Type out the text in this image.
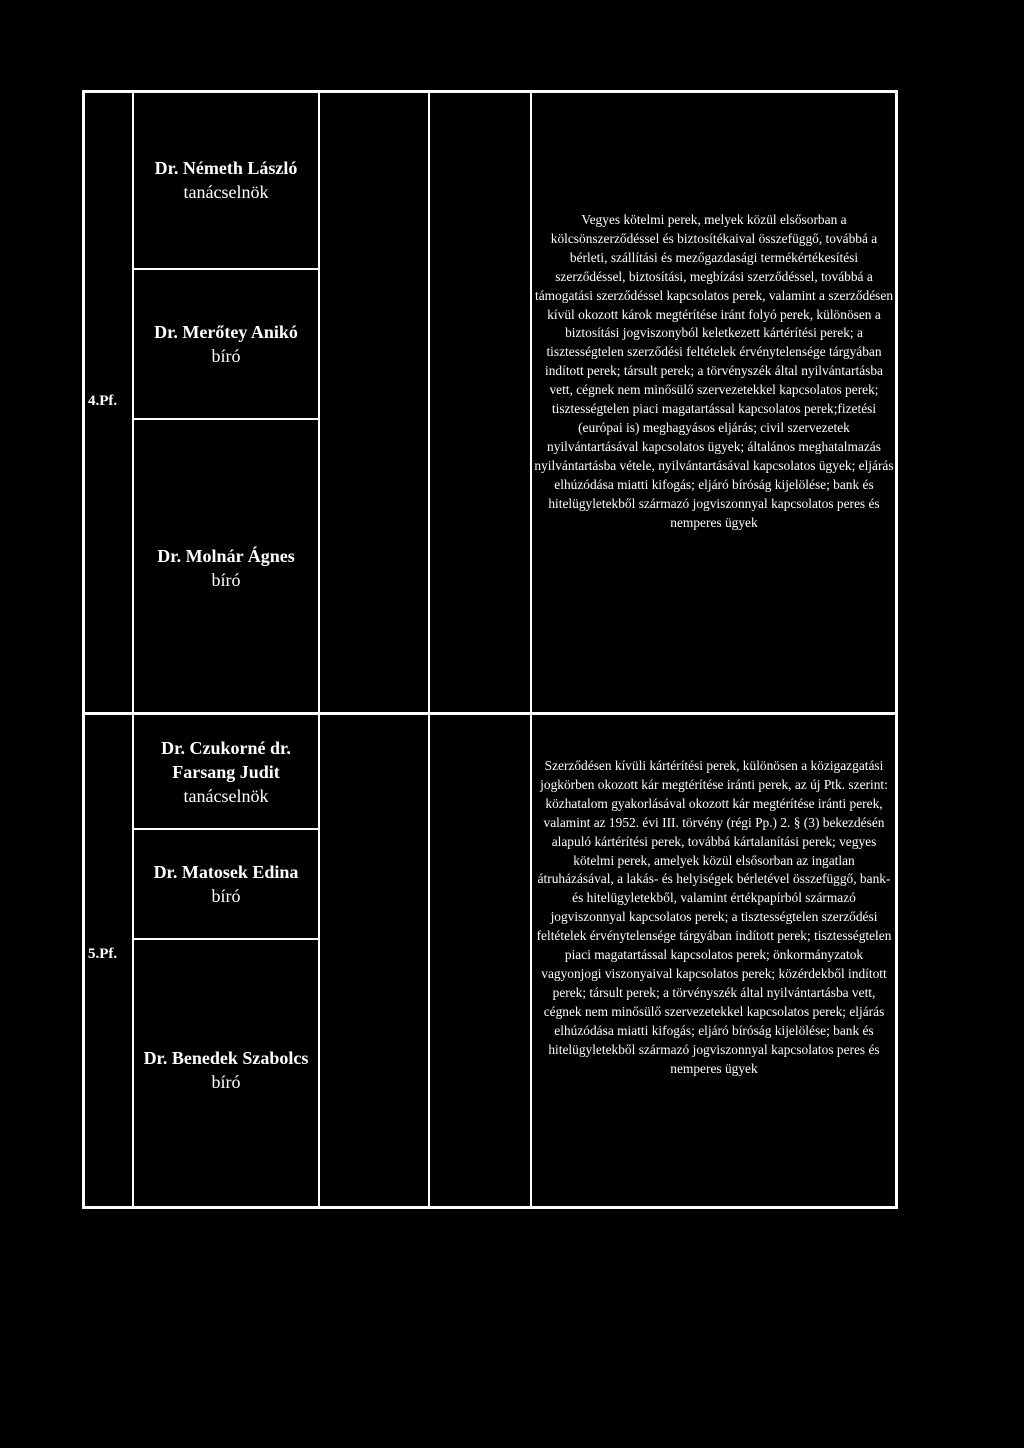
4.Pf.
Dr. Németh László
tanácselnök
Dr. Merőtey Anikó
bíró
Dr. Molnár Ágnes
bíró
Vegyes kötelmi perek, melyek közül elsősorban a kölcsönszerződéssel és biztosítékaival összefüggő, továbbá a bérleti, szállítási és mezőgazdasági termékértékesítési szerződéssel, biztosítási, megbízási szerződéssel, továbbá a támogatási szerződéssel kapcsolatos perek, valamint a szerződésen kívül okozott károk megtérítése iránt folyó perek, különösen a biztosítási jogviszonyból keletkezett kártérítési perek; a tisztességtelen szerződési feltételek érvénytelensége tárgyában indított perek; társult perek; a törvényszék által nyilvántartásba vett, cégnek nem minősülő szervezetekkel kapcsolatos perek; tisztességtelen piaci magatartással kapcsolatos perek;fizetési (európai is) meghagyásos eljárás; civil szervezetek nyilvántartásával kapcsolatos ügyek; általános meghatalmazás nyilvántartásba vétele, nyilvántartásával kapcsolatos ügyek; eljárás elhúzódása miatti kifogás; eljáró bíróság kijelölése; bank és hitelügyletekből származó jogviszonnyal kapcsolatos peres és nemperes ügyek
5.Pf.
Dr. Czukorné dr. Farsang Judit
tanácselnök
Dr. Matosek Edina
bíró
Dr. Benedek Szabolcs
bíró
Szerződésen kívüli kártérítési perek, különösen a közigazgatási jogkörben okozott kár megtérítése iránti perek, az új Ptk. szerint: közhatalom gyakorlásával okozott kár megtérítése iránti perek, valamint az 1952. évi III. törvény (régi Pp.) 2. § (3) bekezdésén alapuló kártérítési perek, továbbá kártalanítási perek; vegyes kötelmi perek, amelyek közül elsősorban az ingatlan átruházásával, a lakás- és helyiségek bérletével összefüggő, bank- és hitelügyletekből, valamint értékpapírból származó jogviszonnyal kapcsolatos perek; a tisztességtelen szerződési feltételek érvénytelensége tárgyában indított perek; tisztességtelen piaci magatartással kapcsolatos perek; önkormányzatok vagyonjogi viszonyaival kapcsolatos perek; közérdekből indított perek; társult perek; a törvényszék által nyilvántartásba vett, cégnek nem minősülő szervezetekkel kapcsolatos perek; eljárás elhúzódása miatti kifogás; eljáró bíróság kijelölése; bank és hitelügyletekből származó jogviszonnyal kapcsolatos peres és nemperes ügyek
